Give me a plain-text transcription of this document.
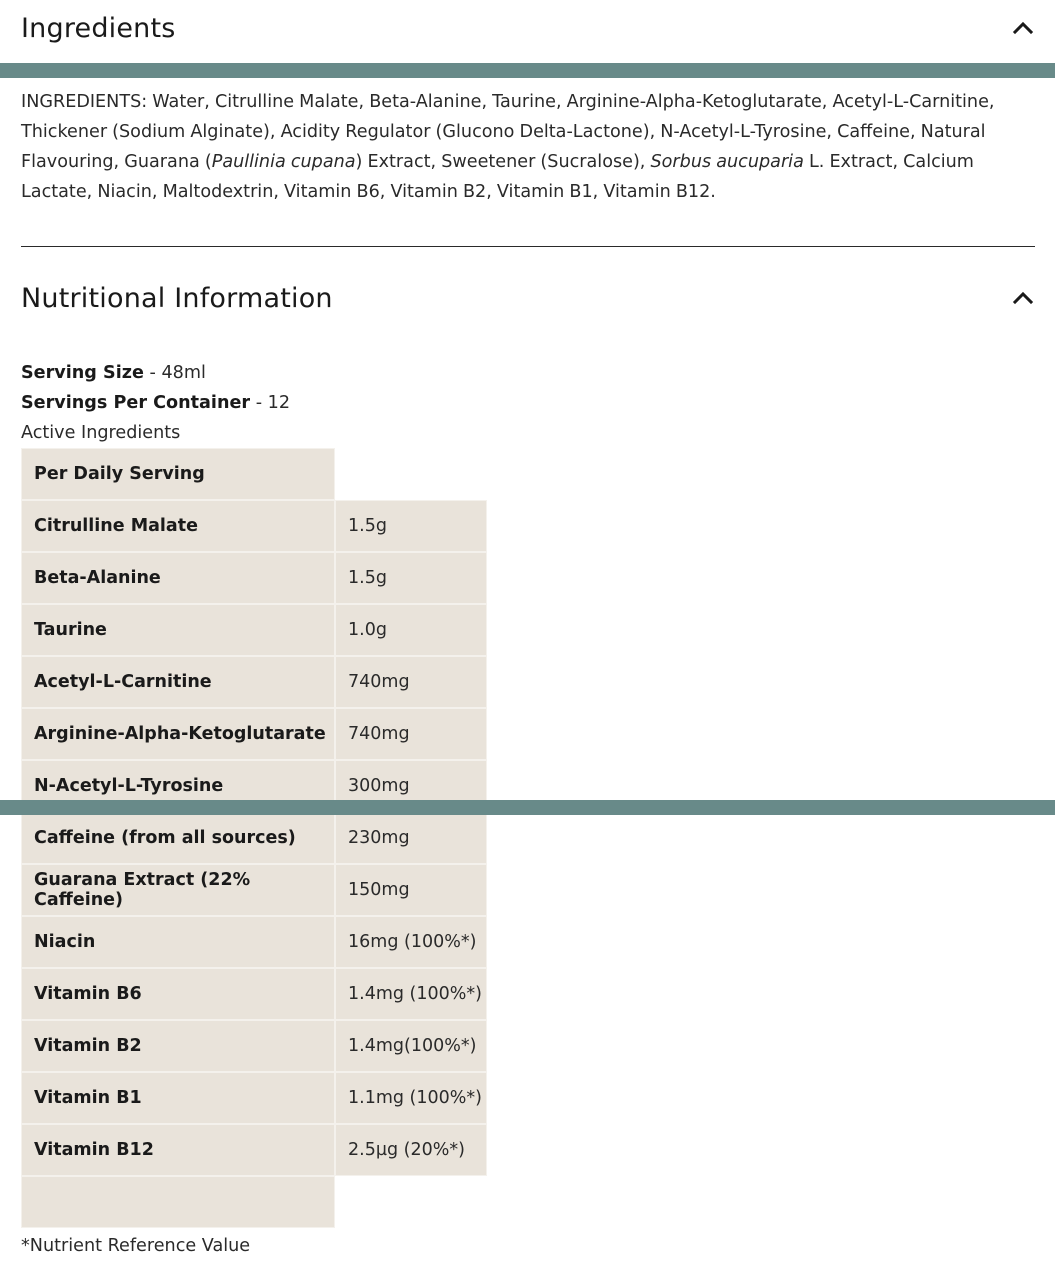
Ingredients
INGREDIENTS: Water, Citrulline Malate, Beta-Alanine, Taurine, Arginine-Alpha-Ketoglutarate, Acetyl-L-Carnitine, Thickener (Sodium Alginate), Acidity Regulator (Glucono Delta-Lactone), N-Acetyl-L-Tyrosine, Caffeine, Natural Flavouring, Guarana (Paullinia cupana) Extract, Sweetener (Sucralose), Sorbus aucuparia L. Extract, Calcium Lactate, Niacin, Maltodextrin, Vitamin B6, Vitamin B2, Vitamin B1, Vitamin B12.
Nutritional Information
Serving Size - 48ml
Servings Per Container - 12
Active Ingredients
Per Daily Serving
Citrulline Malate	1.5g
Beta-Alanine	1.5g
Taurine	1.0g
Acetyl-L-Carnitine	740mg
Arginine-Alpha-Ketoglutarate	740mg
N-Acetyl-L-Tyrosine	300mg
Caffeine (from all sources)	230mg
Guarana Extract (22% Caffeine)	150mg
Niacin	16mg (100%*)
Vitamin B6	1.4mg (100%*)
Vitamin B2	1.4mg(100%*)
Vitamin B1	1.1mg (100%*)
Vitamin B12	2.5µg (20%*)
*Nutrient Reference Value
